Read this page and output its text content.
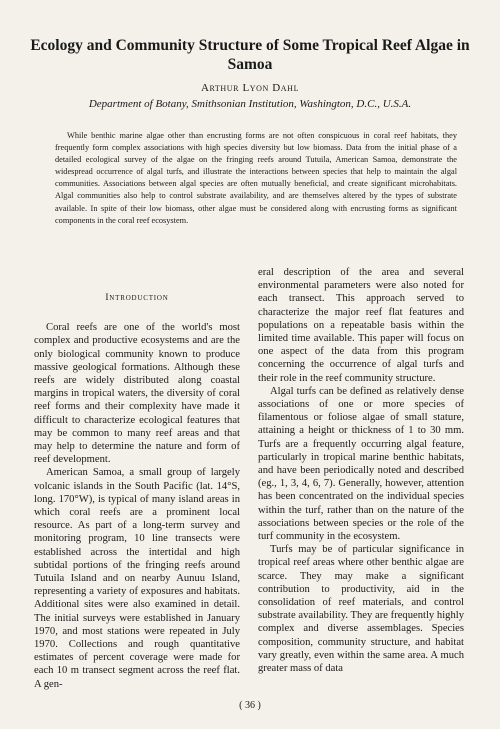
Ecology and Community Structure of Some Tropical Reef Algae in Samoa
Arthur Lyon Dahl
Department of Botany, Smithsonian Institution, Washington, D.C., U.S.A.

While benthic marine algae other than encrusting forms are not often conspicuous in coral reef habitats, they frequently form complex associations with high species diversity but low biomass. Data from the initial phase of a detailed ecological survey of the algae on the fringing reefs around Tutuila, American Samoa, demonstrate the widespread occurrence of algal turfs, and illustrate the interactions between species that help to maintain the algal communities. Associations between algal species are often mutually beneficial, and create significant microhabitats. Algal communities also help to control substrate availability, and are themselves altered by the types of substrate available. In spite of their low biomass, other algae must be considered along with encrusting forms as significant components in the coral reef ecosystem.

Introduction

Coral reefs are one of the world's most complex and productive ecosystems and are the only biological community known to produce massive geological formations. Although these reefs are widely distributed along coastal margins in tropical waters, the diversity of coral reef forms and their complexity have made it difficult to characterize ecological features that may be common to many reef areas and that may help to determine the nature and form of reef development.

American Samoa, a small group of largely volcanic islands in the South Pacific (lat. 14°S, long. 170°W), is typical of many island areas in which coral reefs are a prominent local resource. As part of a long-term survey and monitoring program, 10 line transects were established across the intertidal and high subtidal portions of the fringing reefs around Tutuila Island and on nearby Aunuu Island, representing a variety of exposures and habitats. Additional sites were also examined in detail. The initial surveys were established in January 1970, and most stations were repeated in July 1970. Collections and rough quantitative estimates of percent coverage were made for each 10 m transect segment across the reef flat. A gen-

eral description of the area and several environmental parameters were also noted for each transect. This approach served to characterize the major reef flat features and populations on a repeatable basis within the limited time available. This paper will focus on one aspect of the data from this program concerning the occurrence of algal turfs and their role in the reef community structure.

Algal turfs can be defined as relatively dense associations of one or more species of filamentous or foliose algae of small stature, attaining a height or thickness of 1 to 30 mm. Turfs are a frequently occurring algal feature, particularly in tropical marine benthic habitats, and have been periodically noted and described (eg., 1, 3, 4, 6, 7). Generally, however, attention has been concentrated on the individual species within the turf, rather than on the nature of the associations between species or the role of the turf community in the ecosystem.

Turfs may be of particular significance in tropical reef areas where other benthic algae are scarce. They may make a significant contribution to productivity, aid in the consolidation of reef materials, and control substrate availability. They are frequently highly complex and diverse assemblages. Species composition, community structure, and habitat vary greatly, even within the same area. A much greater mass of data

( 36 )
